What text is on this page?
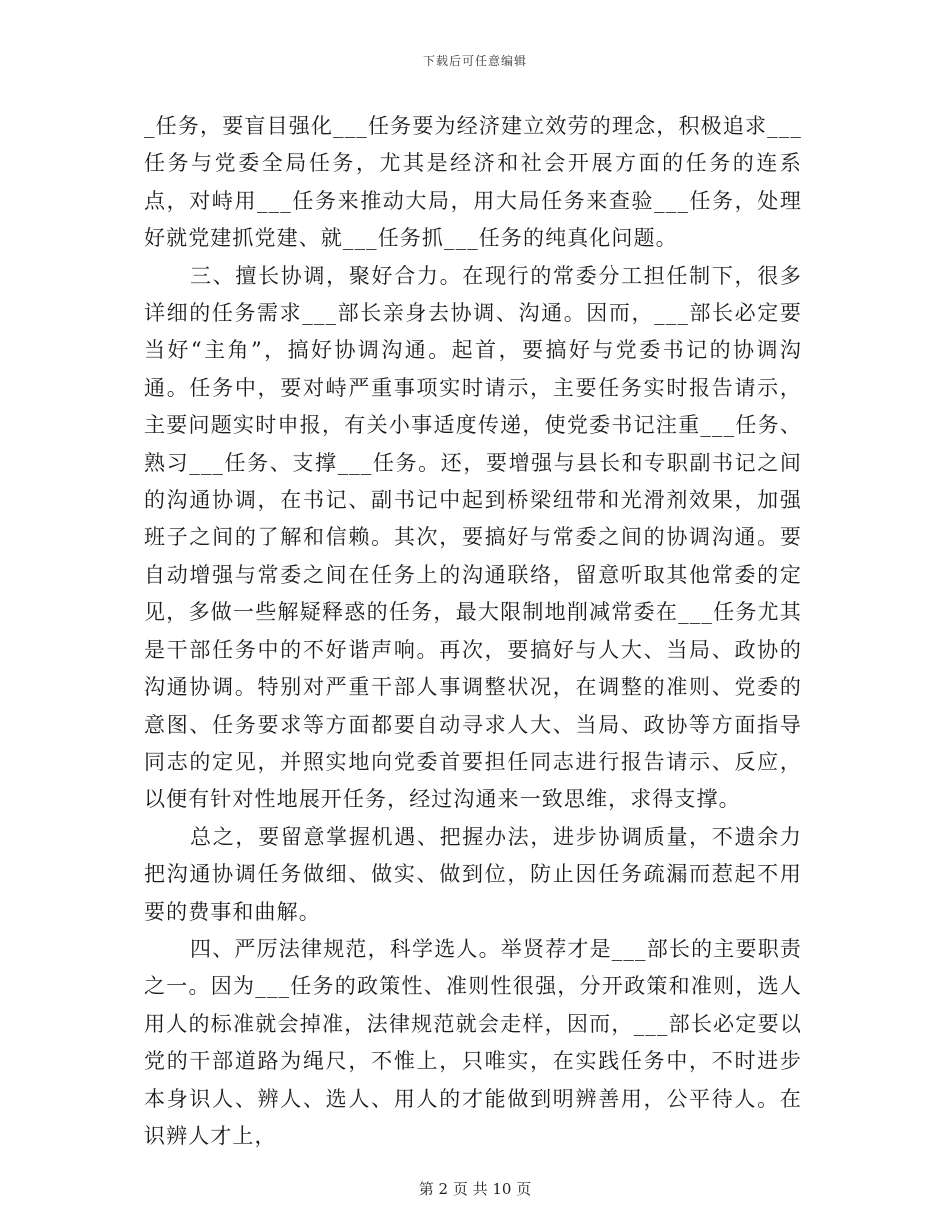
下载后可任意编辑

_任务，要盲目强化___任务要为经济建立效劳的理念，积极追求___任务与党委全局任务，尤其是经济和社会开展方面的任务的连系点，对峙用___任务来推动大局，用大局任务来查验___任务，处理好就党建抓党建、就___任务抓___任务的纯真化问题。

三、擅长协调，聚好合力。在现行的常委分工担任制下，很多详细的任务需求___部长亲身去协调、沟通。因而，___部长必定要当好“主角”，搞好协调沟通。起首，要搞好与党委书记的协调沟通。任务中，要对峙严重事项实时请示，主要任务实时报告请示，主要问题实时申报，有关小事适度传递，使党委书记注重___任务、熟习___任务、支撑___任务。还，要增强与县长和专职副书记之间的沟通协调，在书记、副书记中起到桥梁纽带和光滑剂效果，加强班子之间的了解和信赖。其次，要搞好与常委之间的协调沟通。要自动增强与常委之间在任务上的沟通联络，留意听取其他常委的定见，多做一些解疑释惑的任务，最大限制地削减常委在___任务尤其是干部任务中的不好谐声响。再次，要搞好与人大、当局、政协的沟通协调。特别对严重干部人事调整状况，在调整的准则、党委的意图、任务要求等方面都要自动寻求人大、当局、政协等方面指导同志的定见，并照实地向党委首要担任同志进行报告请示、反应，以便有针对性地展开任务，经过沟通来一致思维，求得支撑。

总之，要留意掌握机遇、把握办法，进步协调质量，不遗余力把沟通协调任务做细、做实、做到位，防止因任务疏漏而惹起不用要的费事和曲解。

四、严厉法律规范，科学选人。举贤荐才是___部长的主要职责之一。因为___任务的政策性、准则性很强，分开政策和准则，选人用人的标准就会掉准，法律规范就会走样，因而，___部长必定要以党的干部道路为绳尺，不惟上，只唯实，在实践任务中，不时进步本身识人、辨人、选人、用人的才能做到明辨善用，公平待人。在识辨人才上，

第 2 页 共 10 页
